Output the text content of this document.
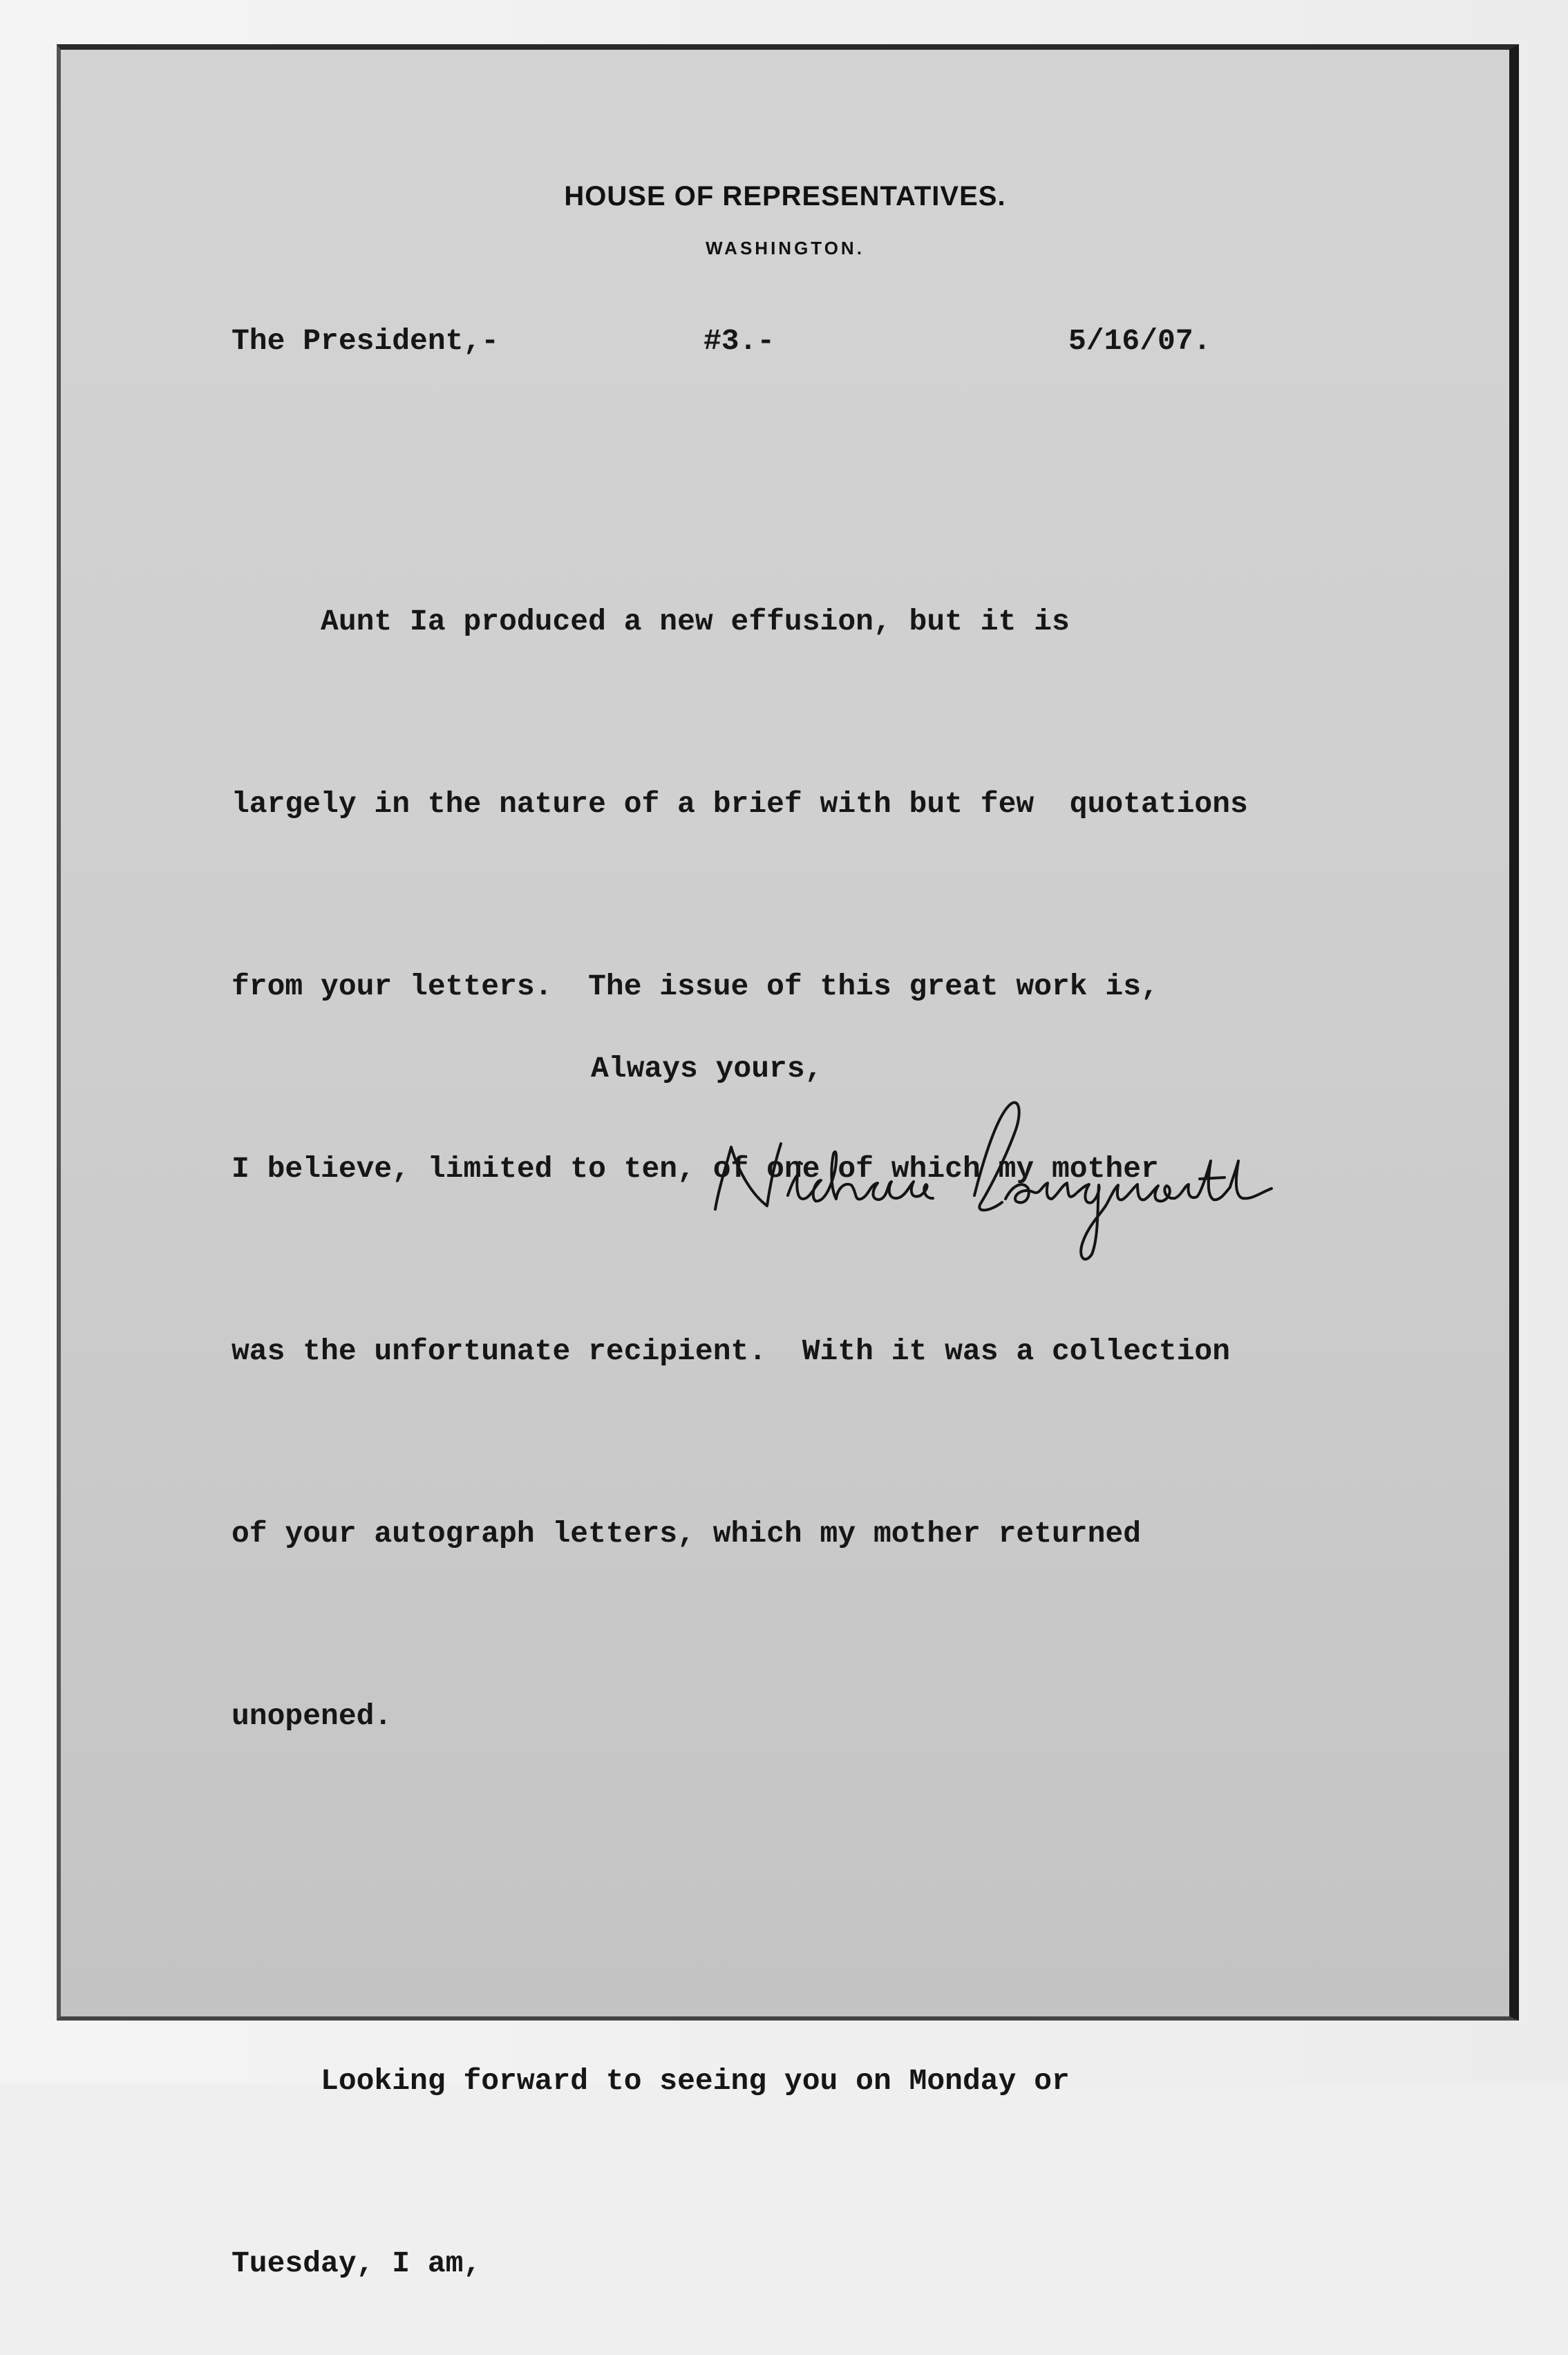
HOUSE OF REPRESENTATIVES.
WASHINGTON.
The President,-	#3.-	5/16/07.

Aunt Ia produced a new effusion, but it is

largely in the nature of a brief with but few  quotations

from your letters.  The issue of this great work is,

I believe, limited to ten, of one of which my mother

was the unfortunate recipient.  With it was a collection

of your autograph letters, which my mother returned

unopened.

Looking forward to seeing you on Monday or

Tuesday, I am,

Always yours,
